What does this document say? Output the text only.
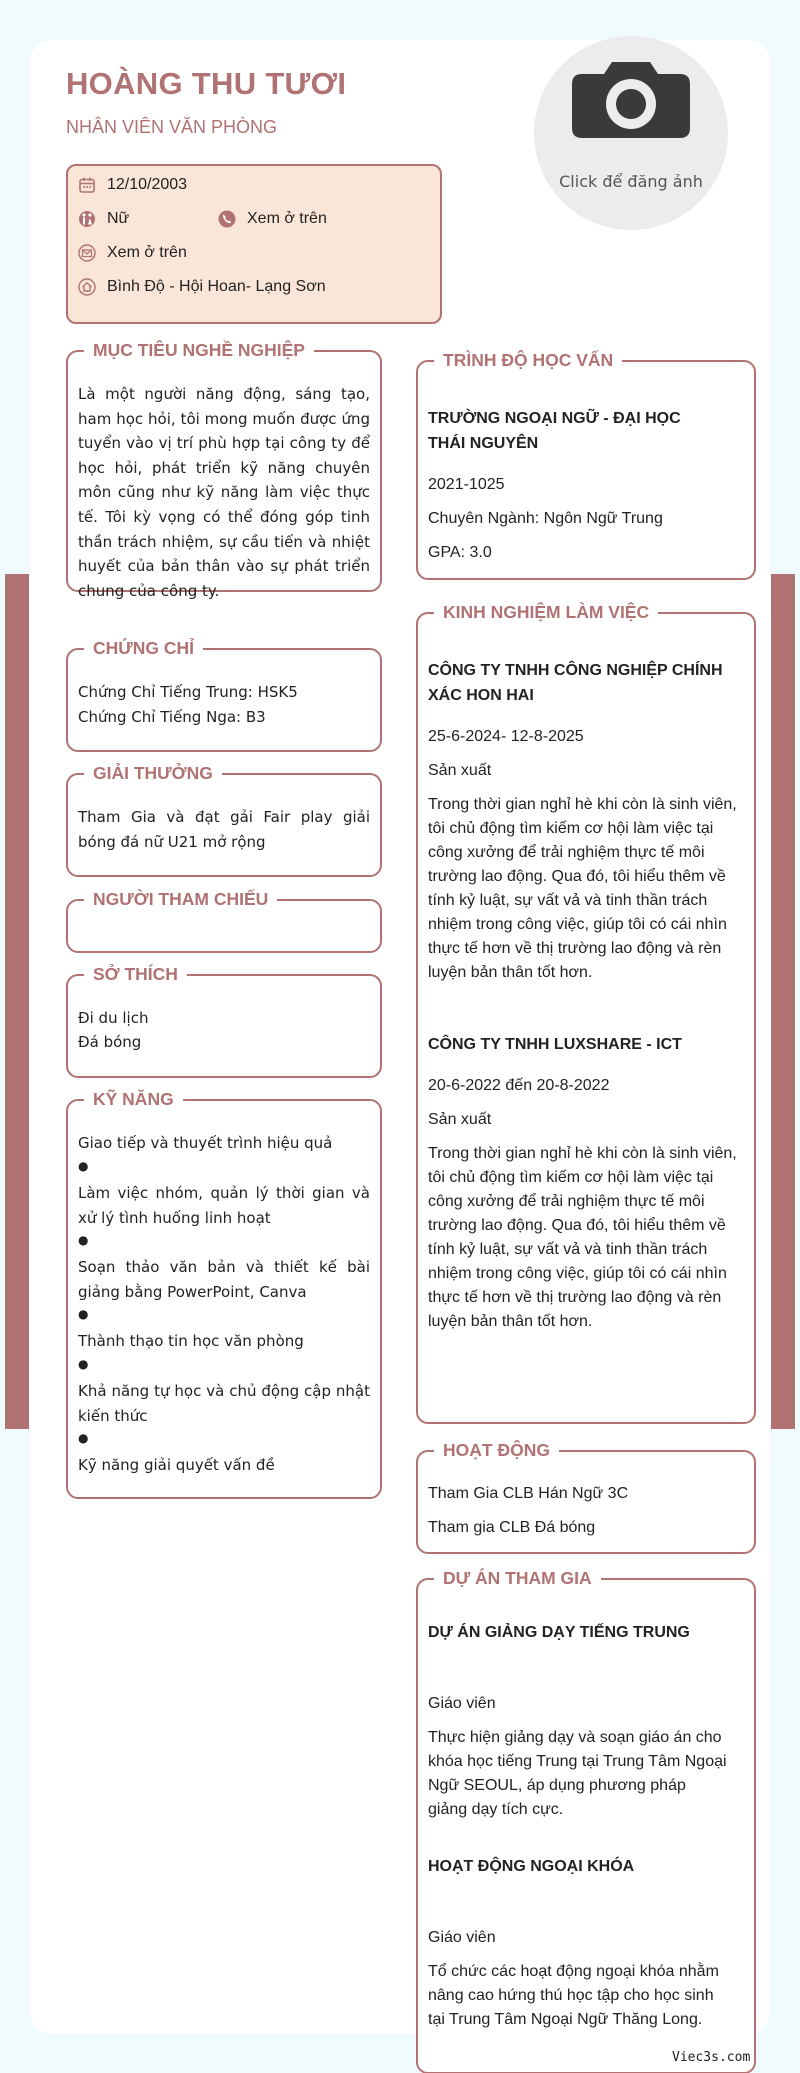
HOÀNG THU TƯƠI
NHÂN VIÊN VĂN PHÒNG
Click để đăng ảnh
12/10/2003
Nữ	Xem ở trên
Xem ở trên
Bình Độ - Hội Hoan- Lạng Sơn
MỤC TIÊU NGHỀ NGHIỆP
Là một người năng động, sáng tạo, ham học hỏi, tôi mong muốn được ứng tuyển vào vị trí phù hợp tại công ty để học hỏi, phát triển kỹ năng chuyên môn cũng như kỹ năng làm việc thực tế. Tôi kỳ vọng có thể đóng góp tinh thần trách nhiệm, sự cầu tiến và nhiệt huyết của bản thân vào sự phát triển chung của công ty.
CHỨNG CHỈ
Chứng Chỉ Tiếng Trung: HSK5
Chứng Chỉ Tiếng Nga: B3
GIẢI THƯỞNG
Tham Gia và đạt gải Fair play giải bóng đá nữ U21 mở rộng
NGƯỜI THAM CHIẾU
SỞ THÍCH
Đi du lịch
Đá bóng
KỸ NĂNG
Giao tiếp và thuyết trình hiệu quả
●
Làm việc nhóm, quản lý thời gian và xử lý tình huống linh hoạt
●
Soạn thảo văn bản và thiết kế bài giảng bằng PowerPoint, Canva
●
Thành thạo tin học văn phòng
●
Khả năng tự học và chủ động cập nhật kiến thức
●
Kỹ năng giải quyết vấn đề
TRÌNH ĐỘ HỌC VẤN
TRƯỜNG NGOẠI NGỮ - ĐẠI HỌC THÁI NGUYÊN
2021-1025
Chuyên Ngành: Ngôn Ngữ Trung
GPA: 3.0
KINH NGHIỆM LÀM VIỆC
CÔNG TY TNHH CÔNG NGHIỆP CHÍNH XÁC HON HAI
25-6-2024- 12-8-2025
Sản xuất
Trong thời gian nghỉ hè khi còn là sinh viên, tôi chủ động tìm kiếm cơ hội làm việc tại công xưởng để trải nghiệm thực tế môi trường lao động. Qua đó, tôi hiểu thêm về tính kỷ luật, sự vất vả và tinh thần trách nhiệm trong công việc, giúp tôi có cái nhìn thực tế hơn về thị trường lao động và rèn luyện bản thân tốt hơn.
CÔNG TY TNHH LUXSHARE - ICT
20-6-2022 đến 20-8-2022
Sản xuất
Trong thời gian nghỉ hè khi còn là sinh viên, tôi chủ động tìm kiếm cơ hội làm việc tại công xưởng để trải nghiệm thực tế môi trường lao động. Qua đó, tôi hiểu thêm về tính kỷ luật, sự vất vả và tinh thần trách nhiệm trong công việc, giúp tôi có cái nhìn thực tế hơn về thị trường lao động và rèn luyện bản thân tốt hơn.
HOẠT ĐỘNG
Tham Gia CLB Hán Ngữ 3C
Tham gia CLB Đá bóng
DỰ ÁN THAM GIA
DỰ ÁN GIẢNG DẠY TIẾNG TRUNG
Giáo viên
Thực hiện giảng dạy và soạn giáo án cho khóa học tiếng Trung tại Trung Tâm Ngoại Ngữ SEOUL, áp dụng phương pháp giảng dạy tích cực.
HOẠT ĐỘNG NGOẠI KHÓA
Giáo viên
Tổ chức các hoạt động ngoại khóa nhằm nâng cao hứng thú học tập cho học sinh tại Trung Tâm Ngoại Ngữ Thăng Long.
Viec3s.com
